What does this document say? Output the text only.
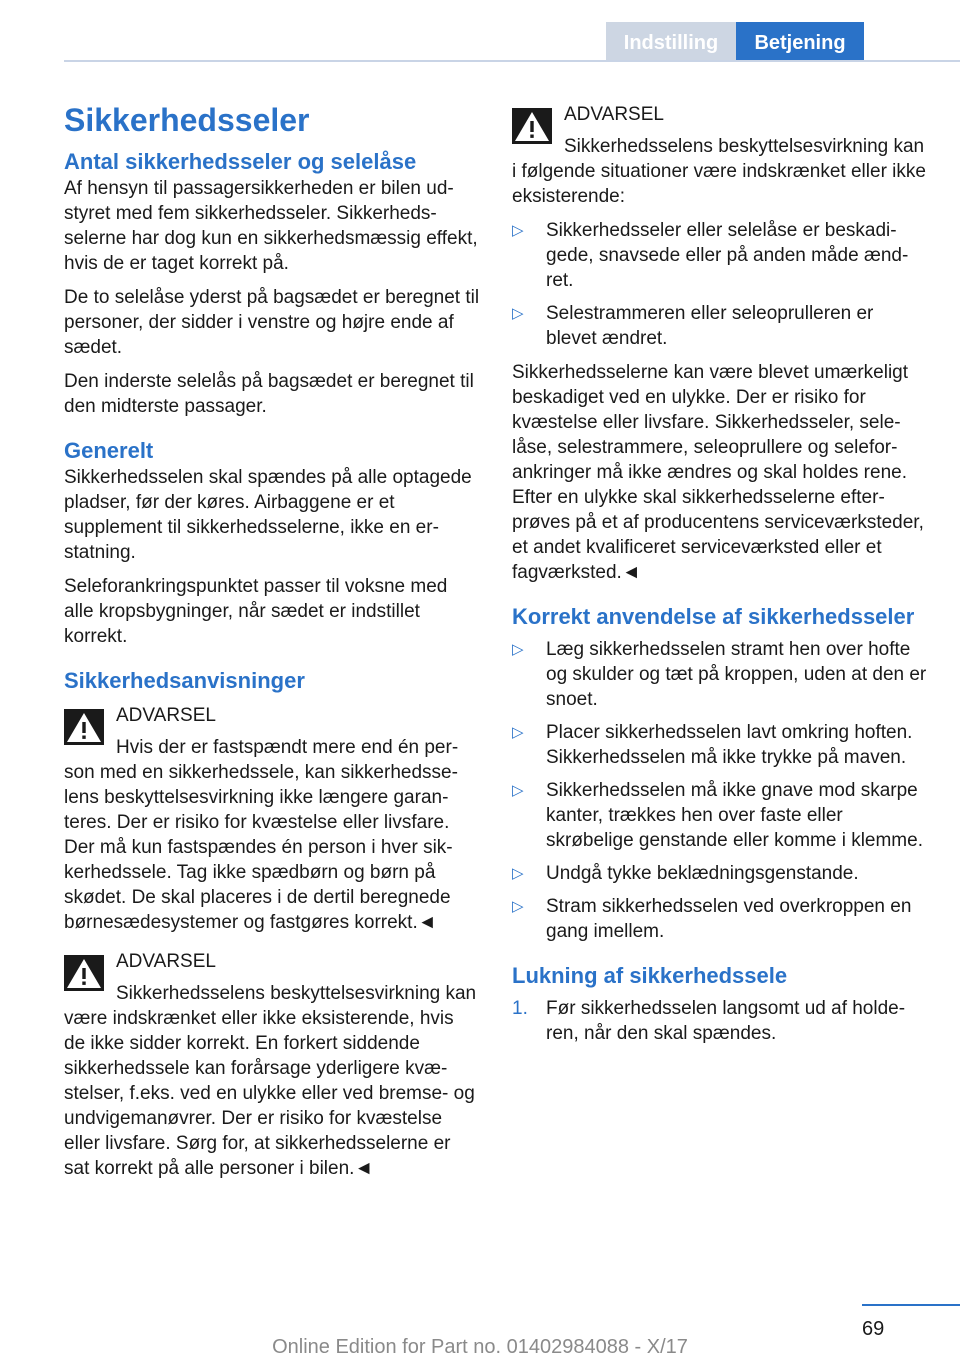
Indstilling	Betjening
Sikkerhedsseler
Antal sikkerhedsseler og selelåse

Af hensyn til passagersikkerheden er bilen udstyret med fem sikkerhedsseler. Sikkerhedsselerne har dog kun en sikkerhedsmæssig effekt, hvis de er taget korrekt på.

De to selelåse yderst på bagsædet er beregnet til personer, der sidder i venstre og højre ende af sædet.

Den inderste selelås på bagsædet er beregnet til den midterste passager.

Generelt

Sikkerhedsselen skal spændes på alle optagede pladser, før der køres. Airbaggene er et supplement til sikkerhedsselerne, ikke en erstatning.

Seleforankringspunktet passer til voksne med alle kropsbygninger, når sædet er indstillet korrekt.

Sikkerhedsanvisninger
ADVARSEL
Hvis der er fastspændt mere end én person med en sikkerhedssele, kan sikkerhedsselens beskyttelsesvirkning ikke længere garanteres. Der er risiko for kvæstelse eller livsfare. Der må kun fastspændes én person i hver sikkerhedssele. Tag ikke spædbørn og børn på skødet. De skal placeres i de dertil beregnede børnesædesystemer og fastgøres korrekt.◄
ADVARSEL
Sikkerhedsselens beskyttelsesvirkning kan være indskrænket eller ikke eksisterende, hvis de ikke sidder korrekt. En forkert siddende sikkerhedssele kan forårsage yderligere kvæstelser, f.eks. ved en ulykke eller ved bremse- og undvigemanøvrer. Der er risiko for kvæstelse eller livsfare. Sørg for, at sikkerhedsselerne er sat korrekt på alle personer i bilen.◄
ADVARSEL
Sikkerhedsselens beskyttelsesvirkning kan i følgende situationer være indskrænket eller ikke eksisterende:
▷ Sikkerhedsseler eller selelåse er beskadigede, snavsede eller på anden måde ændret.
▷ Selestrammeren eller seleoprulleren er blevet ændret.

Sikkerhedsselerne kan være blevet umærkeligt beskadiget ved en ulykke. Der er risiko for kvæstelse eller livsfare. Sikkerhedsseler, selelåse, selestrammere, seleoprullere og seleforankringer må ikke ændres og skal holdes rene. Efter en ulykke skal sikkerhedsselerne efterprøves på et af producentens serviceværksteder, et andet kvalificeret serviceværksted eller et fagværksted.◄

Korrekt anvendelse af sikkerhedsseler
▷ Læg sikkerhedsselen stramt hen over hofte og skulder og tæt på kroppen, uden at den er snoet.
▷ Placer sikkerhedsselen lavt omkring hoften. Sikkerhedsselen må ikke trykke på maven.
▷ Sikkerhedsselen må ikke gnave mod skarpe kanter, trækkes hen over faste eller skrøbelige genstande eller komme i klemme.
▷ Undgå tykke beklædningsgenstande.
▷ Stram sikkerhedsselen ved overkroppen en gang imellem.
Lukning af sikkerhedssele
1. Før sikkerhedsselen langsomt ud af holderen, når den skal spændes.
69
Online Edition for Part no. 01402984088 - X/17
